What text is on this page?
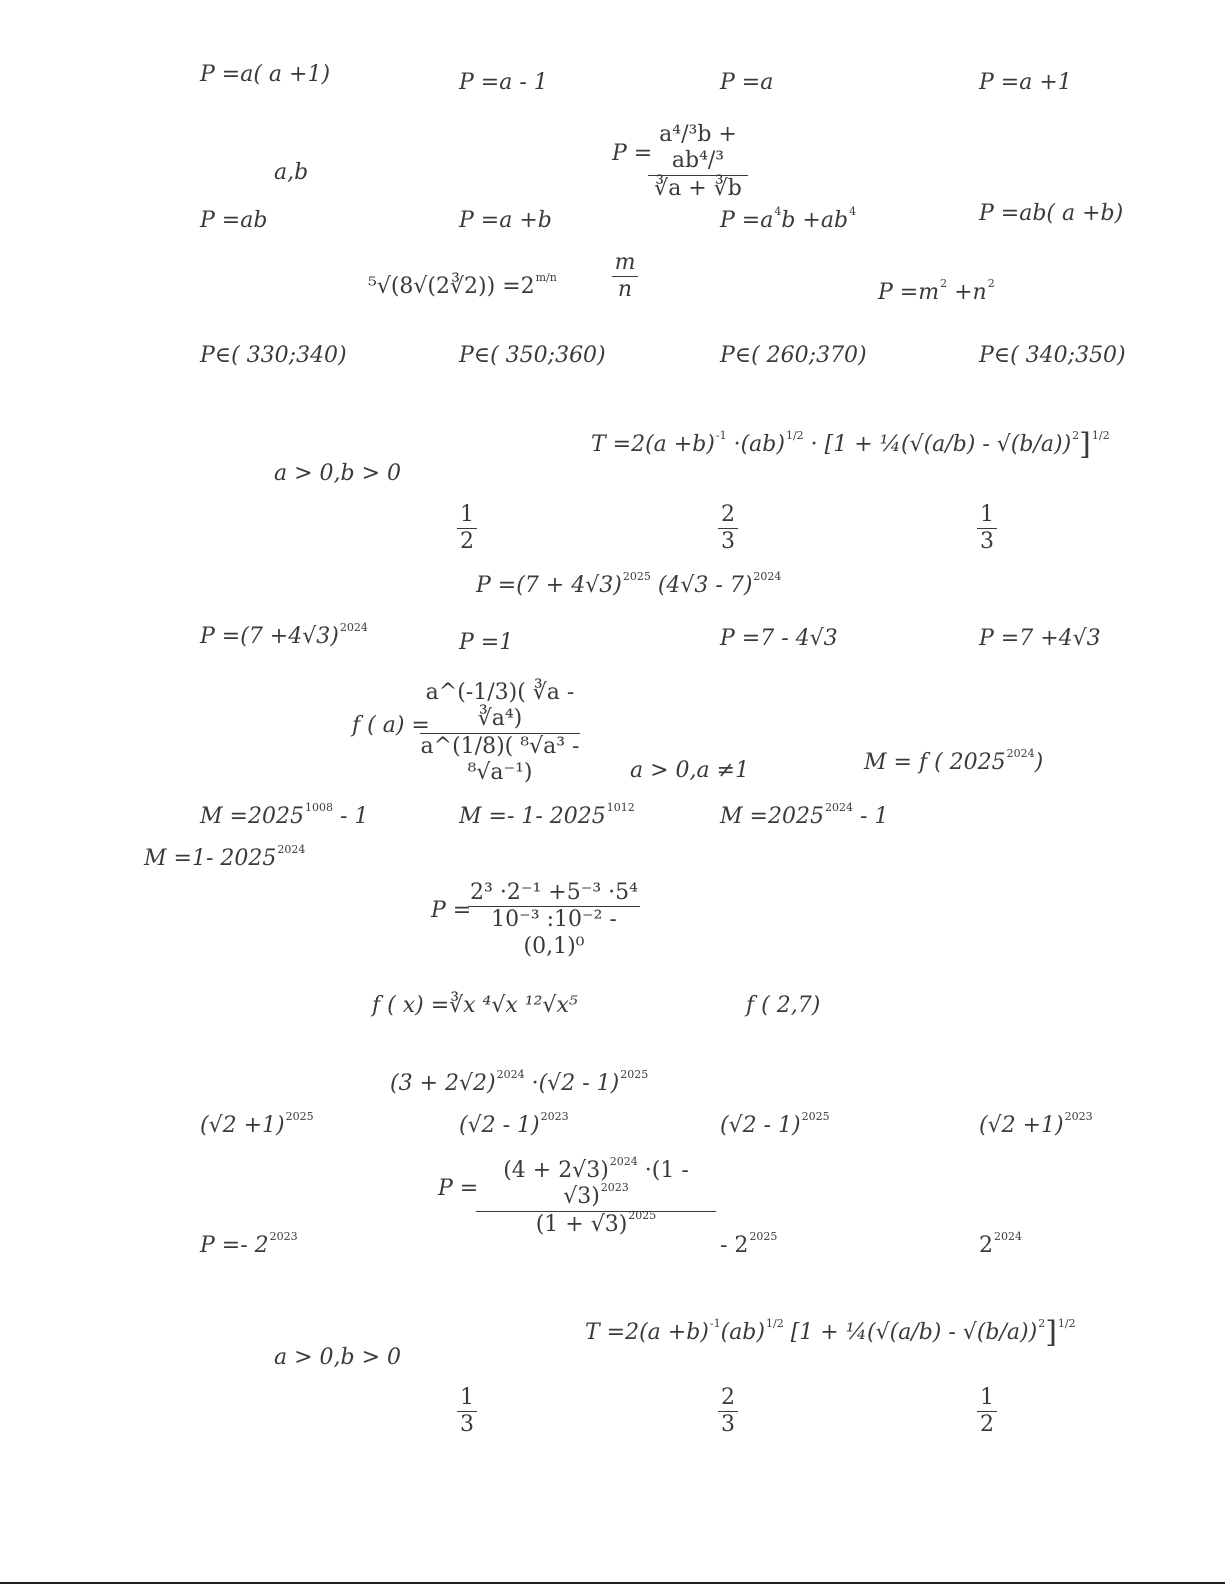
P =a( a +1)	P =a - 1	P =a	P =a +1
a,b
P =
$\frac{\text{a⁴/³b + ab⁴/³}}{∛a + ∛b}$
P =ab	P =a +b	$P =a^4b +ab^4$	P =ab( a +b)
⁵√(8√(2∛2)) $=2^{m/n}$	$\frac{m}{n}$	$P =m^2 +n^2$
P∈( 330;340)	P∈( 350;360)	P∈( 260;370)	P∈( 340;350)
$T =2(a +b)^{-1} \cdot(ab)^{1/2} \cdot [1$ + ¼(√(a/b) - √(b/a))$^2$]$^{1/2}$
a > 0,b > 0
$\frac{1}{2}$	$\frac{2}{3}$	$\frac{1}{3}$
$P =(7 + 4√3)^{2025}$ (4√3 - 7)$^{2024}$
$P =(7 +4√3)^{2024}$
P =1	P =7 - 4√3	P =7 +4√3
f ( a) =
$\frac{\text{a\textasciicircum{}(-1/3)( ∛a - ∛a⁴)}}{\text{a\textasciicircum{}(1/8)( ⁸√a³ - ⁸√a⁻¹)}}$ a > 0,a ≠1	M = f ( $2025^{2024}$)
$M =2025^{1008} - 1$	M =- 1- $2025^{1012}$	$M =2025^{2024} - 1$
M =1- $2025^{2024}$
P =
$\frac{\text{2³ ·2⁻¹ +5⁻³ ·5⁴}}{\text{10⁻³ :10⁻² - (0,1)⁰}}$
f ( x) =∛x ⁴√x ¹²√x⁵	f ( 2,7)
$(3 + 2√2)^{2024} \cdot(√2 - 1)^{2025}$
$(√2 +1)^{2025}$	(√2 - 1)$^{2023}$	(√2 - 1)$^{2025}$	$(√2 +1)^{2023}$
P =
$\frac{(4 + 2√3)^{2024} \cdot(1 - √3)^{2023}}{(1 + √3)^{2025}}$
$P =- 2^{2023}$	- $2^{2025}$	$2^{2024}$
$T =2(a +b)^{-1}(ab)^{1/2}$ [1 + ¼(√(a/b) - √(b/a))$^2$]$^{1/2}$
a > 0,b > 0
$\frac{1}{3}$	$\frac{2}{3}$	$\frac{1}{2}$
